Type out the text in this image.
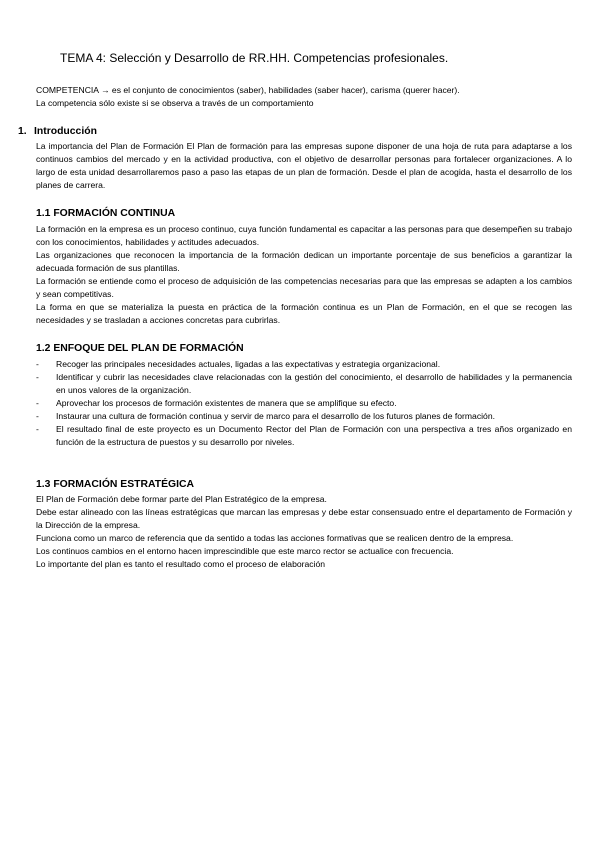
TEMA 4: Selección y Desarrollo de RR.HH. Competencias profesionales.

COMPETENCIA → es el conjunto de conocimientos (saber), habilidades (saber hacer), carisma (querer hacer).

La competencia sólo existe si se observa a través de un comportamiento

1. Introducción

La importancia del Plan de Formación El Plan de formación para las empresas supone disponer de una hoja de ruta para adaptarse a los continuos cambios del mercado y en la actividad productiva, con el objetivo de desarrollar personas para fortalecer organizaciones. A lo largo de esta unidad desarrollaremos paso a paso las etapas de un plan de formación. Desde el plan de acogida, hasta el desarrollo de los planes de carrera.

1.1 FORMACIÓN CONTINUA

La formación en la empresa es un proceso continuo, cuya función fundamental es capacitar a las personas para que desempeñen su trabajo con los conocimientos, habilidades y actitudes adecuados.

Las organizaciones que reconocen la importancia de la formación dedican un importante porcentaje de sus beneficios a garantizar la adecuada formación de sus plantillas.

La formación se entiende como el proceso de adquisición de las competencias necesarias para que las empresas se adapten a los cambios y sean competitivas.

La forma en que se materializa la puesta en práctica de la formación continua es un Plan de Formación, en el que se recogen las necesidades y se trasladan a acciones concretas para cubrirlas.

1.2 ENFOQUE DEL PLAN DE FORMACIÓN
- Recoger las principales necesidades actuales, ligadas a las expectativas y estrategia organizacional.
- Identificar y cubrir las necesidades clave relacionadas con la gestión del conocimiento, el desarrollo de habilidades y la permanencia en unos valores de la organización.
- Aprovechar los procesos de formación existentes de manera que se amplifique su efecto.
- Instaurar una cultura de formación continua y servir de marco para el desarrollo de los futuros planes de formación.
- El resultado final de este proyecto es un Documento Rector del Plan de Formación con una perspectiva a tres años organizado en función de la estructura de puestos y su desarrollo por niveles.
1.3 FORMACIÓN ESTRATÉGICA

El Plan de Formación debe formar parte del Plan Estratégico de la empresa.

Debe estar alineado con las líneas estratégicas que marcan las empresas y debe estar consensuado entre el departamento de Formación y la Dirección de la empresa.

Funciona como un marco de referencia que da sentido a todas las acciones formativas que se realicen dentro de la empresa.

Los continuos cambios en el entorno hacen imprescindible que este marco rector se actualice con frecuencia.

Lo importante del plan es tanto el resultado como el proceso de elaboración
